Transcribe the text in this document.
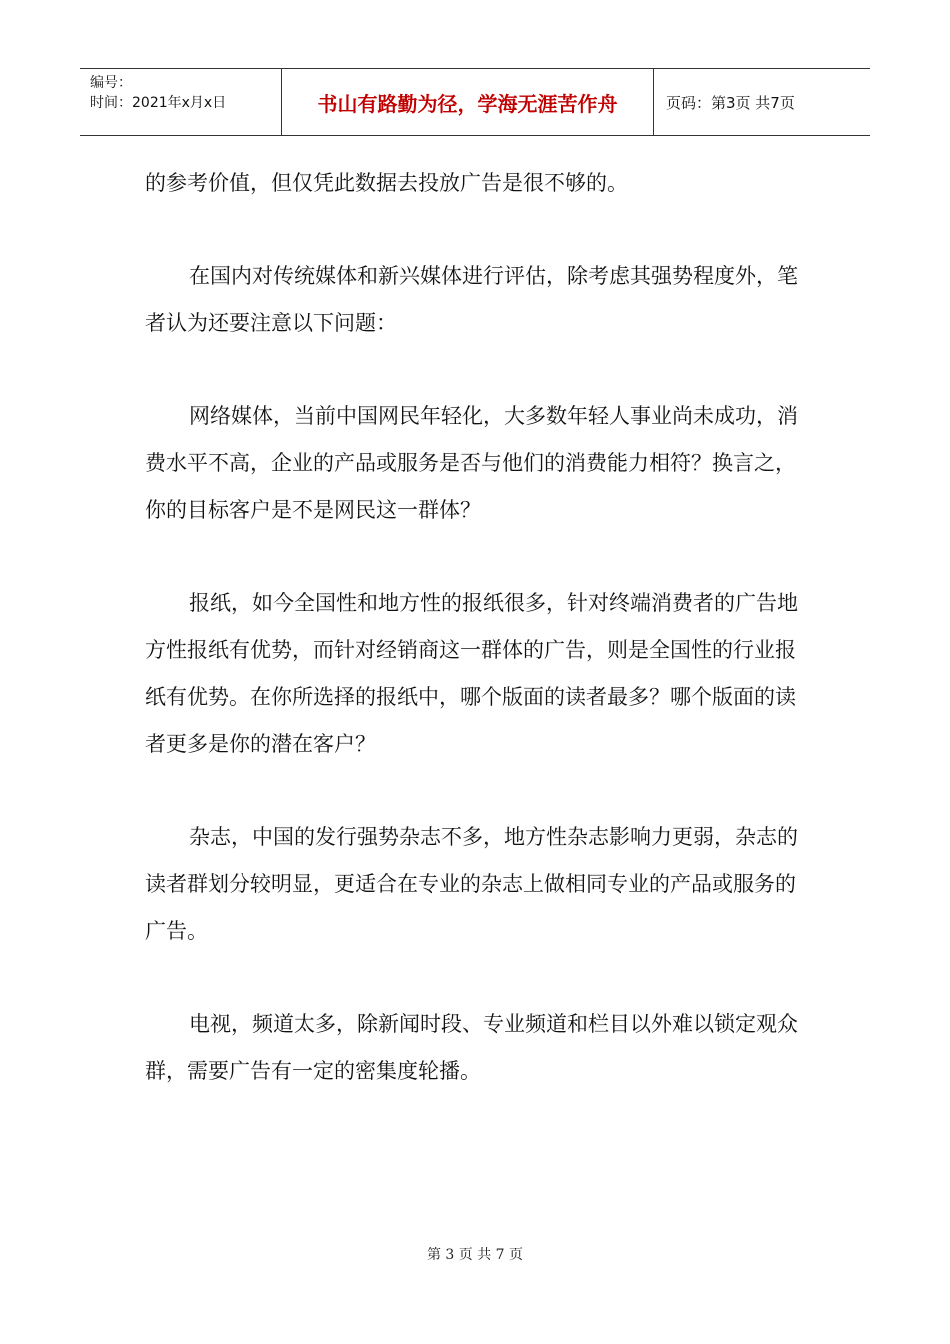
编号：
时间：2021年x月x日	书山有路勤为径，学海无涯苦作舟	页码：第3页 共7页

的参考价值，但仅凭此数据去投放广告是很不够的。

在国内对传统媒体和新兴媒体进行评估，除考虑其强势程度外，笔者认为还要注意以下问题：

网络媒体，当前中国网民年轻化，大多数年轻人事业尚未成功，消费水平不高，企业的产品或服务是否与他们的消费能力相符？换言之，你的目标客户是不是网民这一群体？

报纸，如今全国性和地方性的报纸很多，针对终端消费者的广告地方性报纸有优势，而针对经销商这一群体的广告，则是全国性的行业报纸有优势。在你所选择的报纸中，哪个版面的读者最多？哪个版面的读者更多是你的潜在客户？

杂志，中国的发行强势杂志不多，地方性杂志影响力更弱，杂志的读者群划分较明显，更适合在专业的杂志上做相同专业的产品或服务的广告。

电视，频道太多，除新闻时段、专业频道和栏目以外难以锁定观众群，需要广告有一定的密集度轮播。

第 3 页 共 7 页
